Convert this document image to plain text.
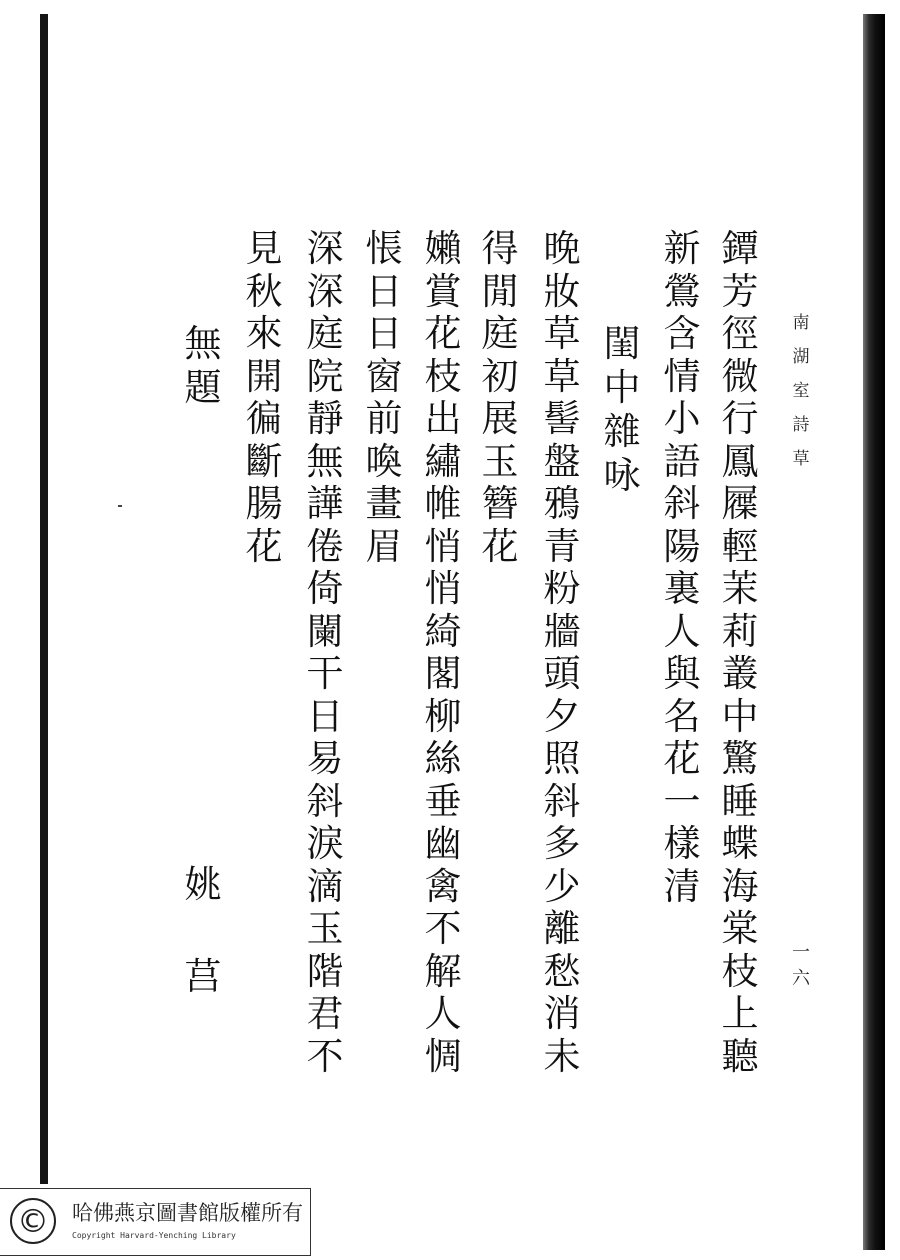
南湖室詩草
一六
鐔芳徑微行鳳屧輕茉莉叢中驚睡蝶海棠枝上聽
新鶯含情小語斜陽裏人與名花一樣清
閨中雜咏
晚妝草草髻盤鴉青粉牆頭夕照斜多少離愁消未
得閒庭初展玉簪花
嬾賞花枝出繡帷悄悄綺閣柳絲垂幽禽不解人惆
悵日日窗前喚畫眉
深深庭院靜無譁倦倚闌干日易斜淚滴玉階君不
見秋來開徧斷腸花
無題
姚
莒
©	哈佛燕京圖書館版權所有
Copyright Harvard-Yenching Library
